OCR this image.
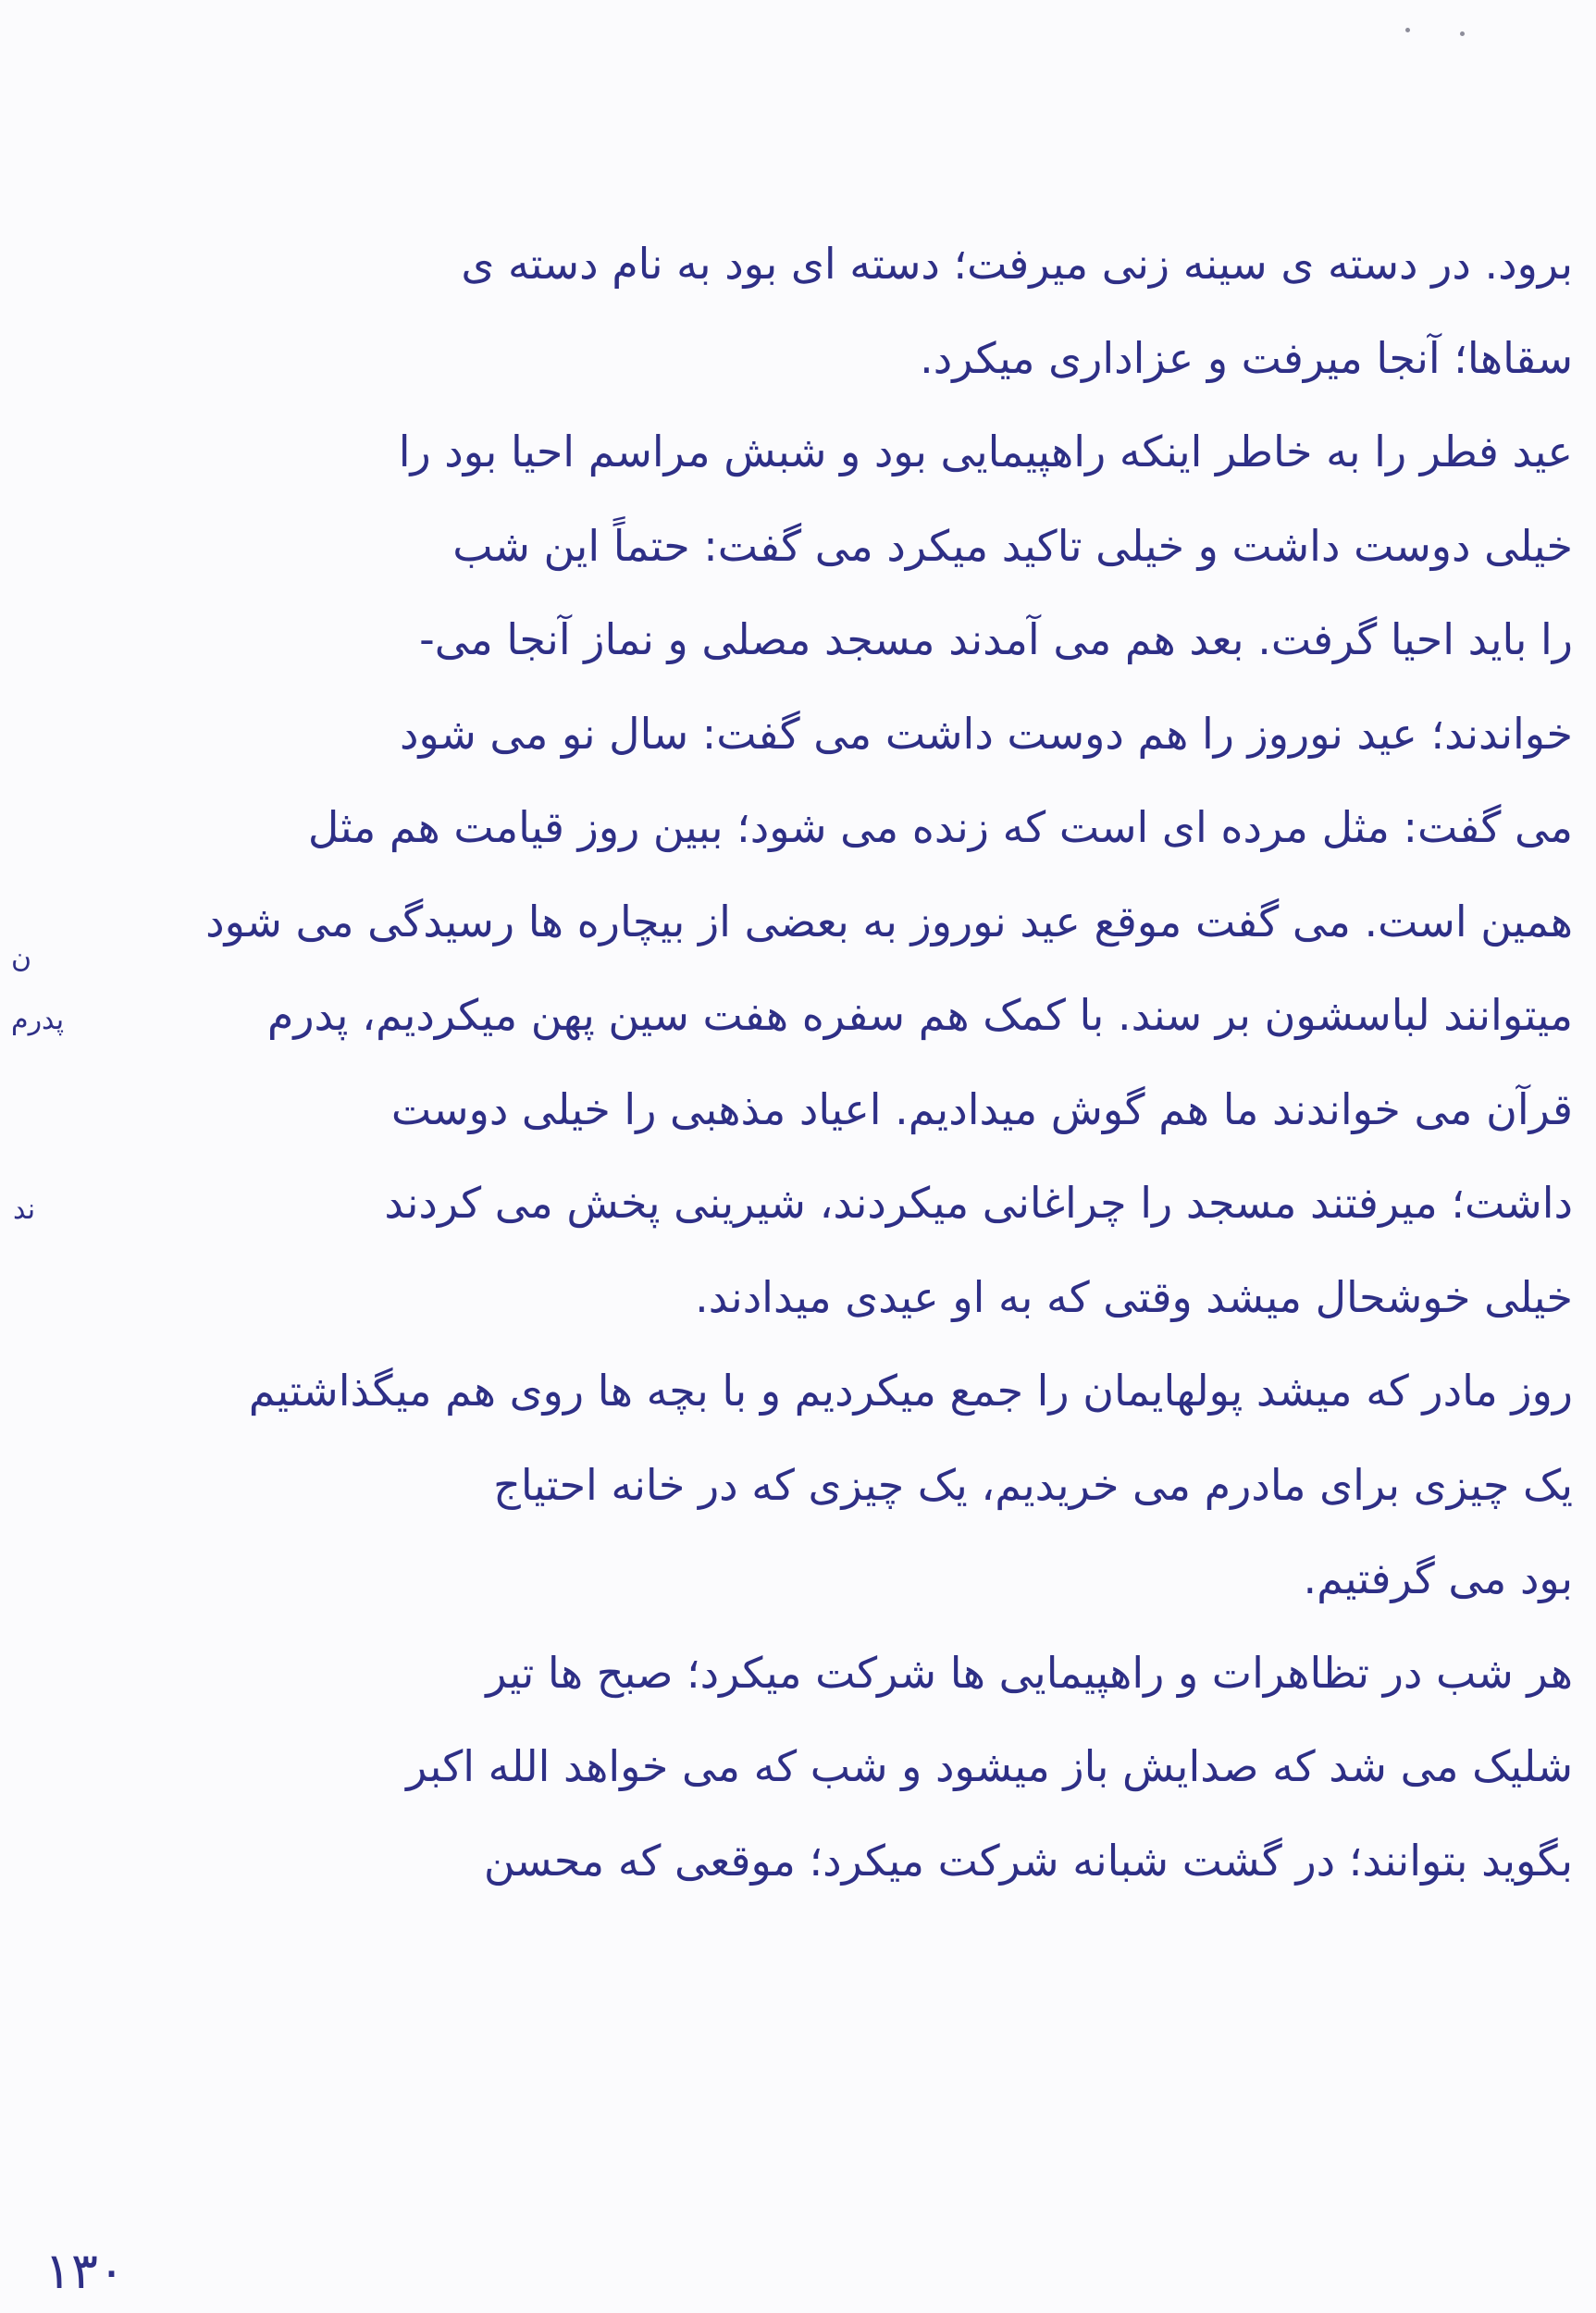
برود. در دسته ی سینه زنی میرفت؛ دسته ای بود به نام دسته ی
سقاها؛ آنجا میرفت و عزاداری میکرد.
عید فطر را به خاطر اینکه راهپیمایی بود و شبش مراسم احیا بود را
خیلی دوست داشت و خیلی تاکید میکرد می گفت: حتماً این شب
را باید احیا گرفت. بعد هم می آمدند مسجد مصلی و نماز آنجا می-
خواندند؛ عید نوروز را هم دوست داشت می گفت: سال نو می شود
می گفت: مثل مرده ای است که زنده می شود؛ ببین روز قیامت هم مثل
همین است. می گفت موقع عید نوروز به بعضی از بیچاره ها رسیدگی می شود
میتوانند لباسشون بر سند. با کمک هم سفره هفت سین پهن میکردیم، پدرم
قرآن می خواندند ما هم گوش میدادیم. اعیاد مذهبی را خیلی دوست
داشت؛ میرفتند مسجد را چراغانی میکردند، شیرینی پخش می کردند
خیلی خوشحال میشد وقتی که به او عیدی میدادند.
روز مادر که میشد پولهایمان را جمع میکردیم و با بچه ها روی هم میگذاشتیم
یک چیزی برای مادرم می خریدیم، یک چیزی که در خانه احتیاج
بود می گرفتیم.
هر شب در تظاهرات و راهپیمایی ها شرکت میکرد؛ صبح ها تیر
شلیک می شد که صدایش باز میشود و شب که می خواهد الله اکبر
بگوید بتوانند؛ در گشت شبانه شرکت میکرد؛ موقعی که محسن
ن
پدرم
ند
۱۳۰
